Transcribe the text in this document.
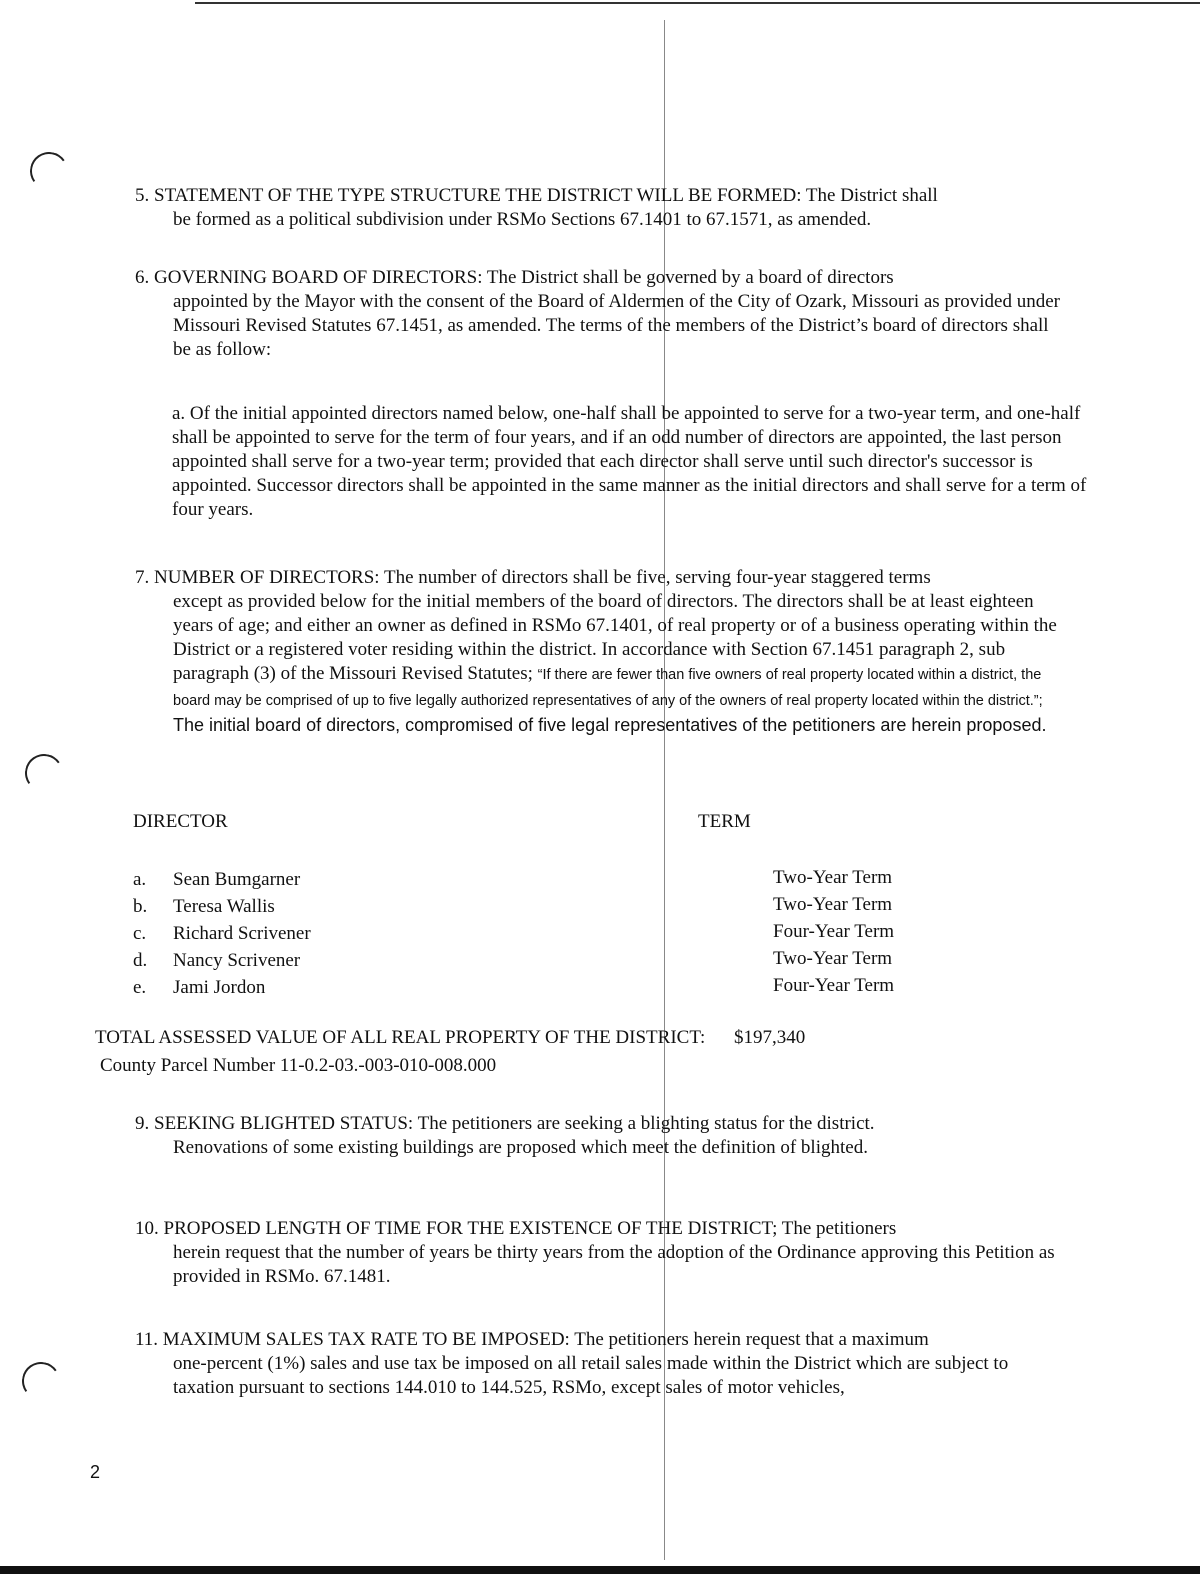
5. STATEMENT OF THE TYPE STRUCTURE THE DISTRICT WILL BE FORMED: The District shall
be formed as a political subdivision under RSMo Sections 67.1401 to 67.1571, as amended.
6. GOVERNING BOARD OF DIRECTORS: The District shall be governed by a board of directors
appointed by the Mayor with the consent of the Board of Aldermen of the City of Ozark, Missouri as provided under Missouri Revised Statutes 67.1451, as amended. The terms of the members of the District’s board of directors shall be as follow:
a. Of the initial appointed directors named below, one-half shall be appointed to serve for a two-year term, and one-half shall be appointed to serve for the term of four years, and if an odd number of directors are appointed, the last person appointed shall serve for a two-year term; provided that each director shall serve until such director's successor is appointed. Successor directors shall be appointed in the same manner as the initial directors and shall serve for a term of four years.
7. NUMBER OF DIRECTORS: The number of directors shall be five, serving four-year staggered terms
except as provided below for the initial members of the board of directors. The directors shall be at least eighteen years of age; and either an owner as defined in RSMo 67.1401, of real property or of a business operating within the District or a registered voter residing within the district. In accordance with Section 67.1451 paragraph 2, sub paragraph (3) of the Missouri Revised Statutes; “If there are fewer than five owners of real property located within a district, the board may be comprised of up to five legally authorized representatives of any of the owners of real property located within the district.”; The initial board of directors, compromised of five legal representatives of the petitioners are herein proposed.
DIRECTOR	TERM
a. Sean Bumgarner
b. Teresa Wallis
c. Richard Scrivener
d. Nancy Scrivener
e. Jami Jordon
Two-Year Term
Two-Year Term
Four-Year Term
Two-Year Term
Four-Year Term
TOTAL ASSESSED VALUE OF ALL REAL PROPERTY OF THE DISTRICT: $197,340
County Parcel Number 11-0.2-03.-003-010-008.000
9. SEEKING BLIGHTED STATUS: The petitioners are seeking a blighting status for the district.
Renovations of some existing buildings are proposed which meet the definition of blighted.
10. PROPOSED LENGTH OF TIME FOR THE EXISTENCE OF THE DISTRICT; The petitioners
herein request that the number of years be thirty years from the adoption of the Ordinance approving this Petition as provided in RSMo. 67.1481.
11. MAXIMUM SALES TAX RATE TO BE IMPOSED: The petitioners herein request that a maximum
one-percent (1%) sales and use tax be imposed on all retail sales made within the District which are subject to taxation pursuant to sections 144.010 to 144.525, RSMo, except sales of motor vehicles,
2
